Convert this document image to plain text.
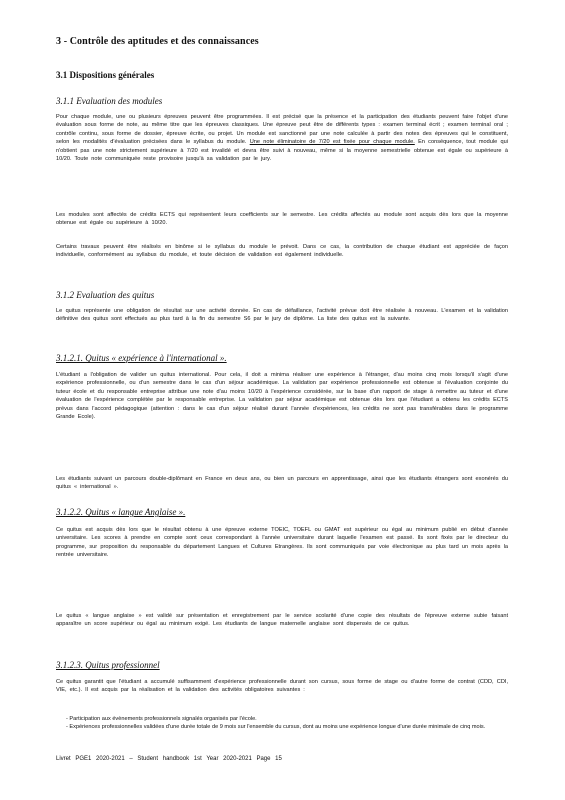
3 - Contrôle des aptitudes et des connaissances
3.1 Dispositions générales
3.1.1 Evaluation des modules
Pour chaque module, une ou plusieurs épreuves peuvent être programmées. Il est précisé que la présence et la participation des étudiants peuvent faire l'objet d'une évaluation sous forme de note, au même titre que les épreuves classiques. Une épreuve peut être de différents types : examen terminal écrit ; examen terminal oral ; contrôle continu, sous forme de dossier, épreuve écrite, ou projet. Un module est sanctionné par une note calculée à partir des notes des épreuves qui le constituent, selon les modalités d'évaluation précisées dans le syllabus du module. Une note éliminatoire de 7/20 est fixée pour chaque module. En conséquence, tout module qui n'obtient pas une note strictement supérieure à 7/20 est invalidé et devra être suivi à nouveau, même si la moyenne semestrielle obtenue est égale ou supérieure à 10/20. Toute note communiquée reste provisoire jusqu'à sa validation par le jury.
Les modules sont affectés de crédits ECTS qui représentent leurs coefficients sur le semestre. Les crédits affectés au module sont acquis dès lors que la moyenne obtenue est égale ou supérieure à 10/20.
Certains travaux peuvent être réalisés en binôme si le syllabus du module le prévoit. Dans ce cas, la contribution de chaque étudiant est appréciée de façon individuelle, conformément au syllabus du module, et toute décision de validation est également individuelle.
3.1.2 Evaluation des quitus
Le quitus représente une obligation de résultat sur une activité donnée. En cas de défaillance, l'activité prévue doit être réalisée à nouveau. L'examen et la validation définitive des quitus sont effectués au plus tard à la fin du semestre S6 par le jury de diplôme. La liste des quitus est la suivante.
3.1.2.1. Quitus « expérience à l'international ».
L'étudiant a l'obligation de valider un quitus international. Pour cela, il doit a minima réaliser une expérience à l'étranger, d'au moins cinq mois lorsqu'il s'agit d'une expérience professionnelle, ou d'un semestre dans le cas d'un séjour académique. La validation par expérience professionnelle est obtenue si l'évaluation conjointe du tuteur école et du responsable entreprise attribue une note d'au moins 10/20 à l'expérience considérée, sur la base d'un rapport de stage à remettre au tuteur et d'une évaluation de l'expérience complétée par le responsable entreprise. La validation par séjour académique est obtenue dès lors que l'étudiant a obtenu les crédits ECTS prévus dans l'accord pédagogique (attention : dans le cas d'un séjour réalisé durant l'année d'expériences, les crédits ne sont pas transférables dans le programme Grande Ecole).
Les étudiants suivant un parcours double-diplômant en France en deux ans, ou bien un parcours en apprentissage, ainsi que les étudiants étrangers sont exonérés du quitus « international ».
3.1.2.2. Quitus « langue Anglaise ».
Ce quitus est acquis dès lors que le résultat obtenu à une épreuve externe TOEIC, TOEFL ou GMAT est supérieur ou égal au minimum publié en début d'année universitaire. Les scores à prendre en compte sont ceux correspondant à l'année universitaire durant laquelle l'examen est passé. Ils sont fixés par le directeur du programme, sur proposition du responsable du département Langues et Cultures Etrangères. Ils sont communiqués par voie électronique au plus tard un mois après la rentrée universitaire.
Le quitus « langue anglaise » est validé sur présentation et enregistrement par le service scolarité d'une copie des résultats de l'épreuve externe subie faisant apparaître un score supérieur ou égal au minimum exigé. Les étudiants de langue maternelle anglaise sont dispensés de ce quitus.
3.1.2.3. Quitus professionnel
Ce quitus garantit que l'étudiant a accumulé suffisamment d'expérience professionnelle durant son cursus, sous forme de stage ou d'autre forme de contrat (CDD, CDI, VIE, etc.). Il est acquis par la réalisation et la validation des activités obligatoires suivantes :
- Participation aux évènements professionnels signalés organisés par l'école.
- Expériences professionnelles validées d'une durée totale de 9 mois sur l'ensemble du cursus, dont au moins une expérience longue d'une durée minimale de cinq mois.
Livret PGE1 2020-2021 – Student handbook 1st Year 2020-2021 Page 15
